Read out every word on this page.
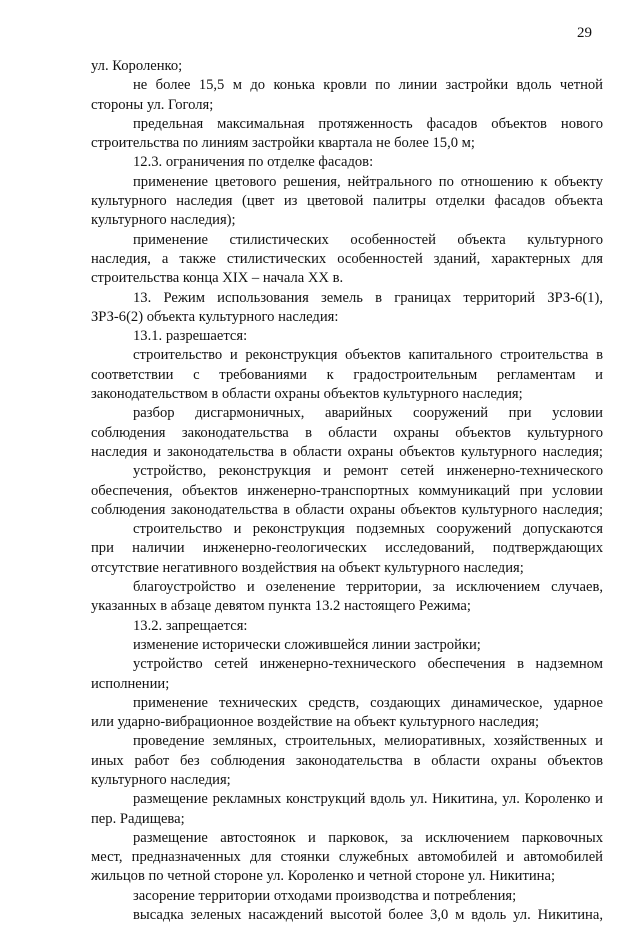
29
ул. Короленко;
не более 15,5 м до конька кровли по линии застройки вдоль четной
стороны ул. Гоголя;
предельная максимальная протяженность фасадов объектов нового
строительства по линиям застройки квартала не более 15,0 м;
12.3. ограничения по отделке фасадов:
применение цветового решения, нейтрального по отношению к объекту
культурного наследия (цвет из цветовой палитры отделки фасадов объекта
культурного наследия);
применение стилистических особенностей объекта культурного
наследия, а также стилистических особенностей зданий, характерных для
строительства конца XIX – начала XX в.
13. Режим использования земель в границах территорий ЗРЗ-6(1),
ЗРЗ-6(2) объекта культурного наследия:
13.1. разрешается:
строительство и реконструкция объектов капитального строительства в
соответствии с требованиями к градостроительным регламентам и
законодательством в области охраны объектов культурного наследия;
разбор дисгармоничных, аварийных сооружений при условии
соблюдения законодательства в области охраны объектов культурного
наследия и законодательства в области охраны объектов культурного наследия;
устройство, реконструкция и ремонт сетей инженерно-технического
обеспечения, объектов инженерно-транспортных коммуникаций при условии
соблюдения законодательства в области охраны объектов культурного наследия;
строительство и реконструкция подземных сооружений допускаются
при наличии инженерно-геологических исследований, подтверждающих
отсутствие негативного воздействия на объект культурного наследия;
благоустройство и озеленение территории, за исключением случаев,
указанных в абзаце девятом пункта 13.2 настоящего Режима;
13.2. запрещается:
изменение исторически сложившейся линии застройки;
устройство сетей инженерно-технического обеспечения в надземном
исполнении;
применение технических средств, создающих динамическое, ударное
или ударно-вибрационное воздействие на объект культурного наследия;
проведение земляных, строительных, мелиоративных, хозяйственных и
иных работ без соблюдения законодательства в области охраны объектов
культурного наследия;
размещение рекламных конструкций вдоль ул. Никитина, ул. Короленко и
пер. Радищева;
размещение автостоянок и парковок, за исключением парковочных
мест, предназначенных для стоянки служебных автомобилей и автомобилей
жильцов по четной стороне ул. Короленко и четной стороне ул. Никитина;
засорение территории отходами производства и потребления;
высадка зеленых насаждений высотой более 3,0 м вдоль ул. Никитина,
